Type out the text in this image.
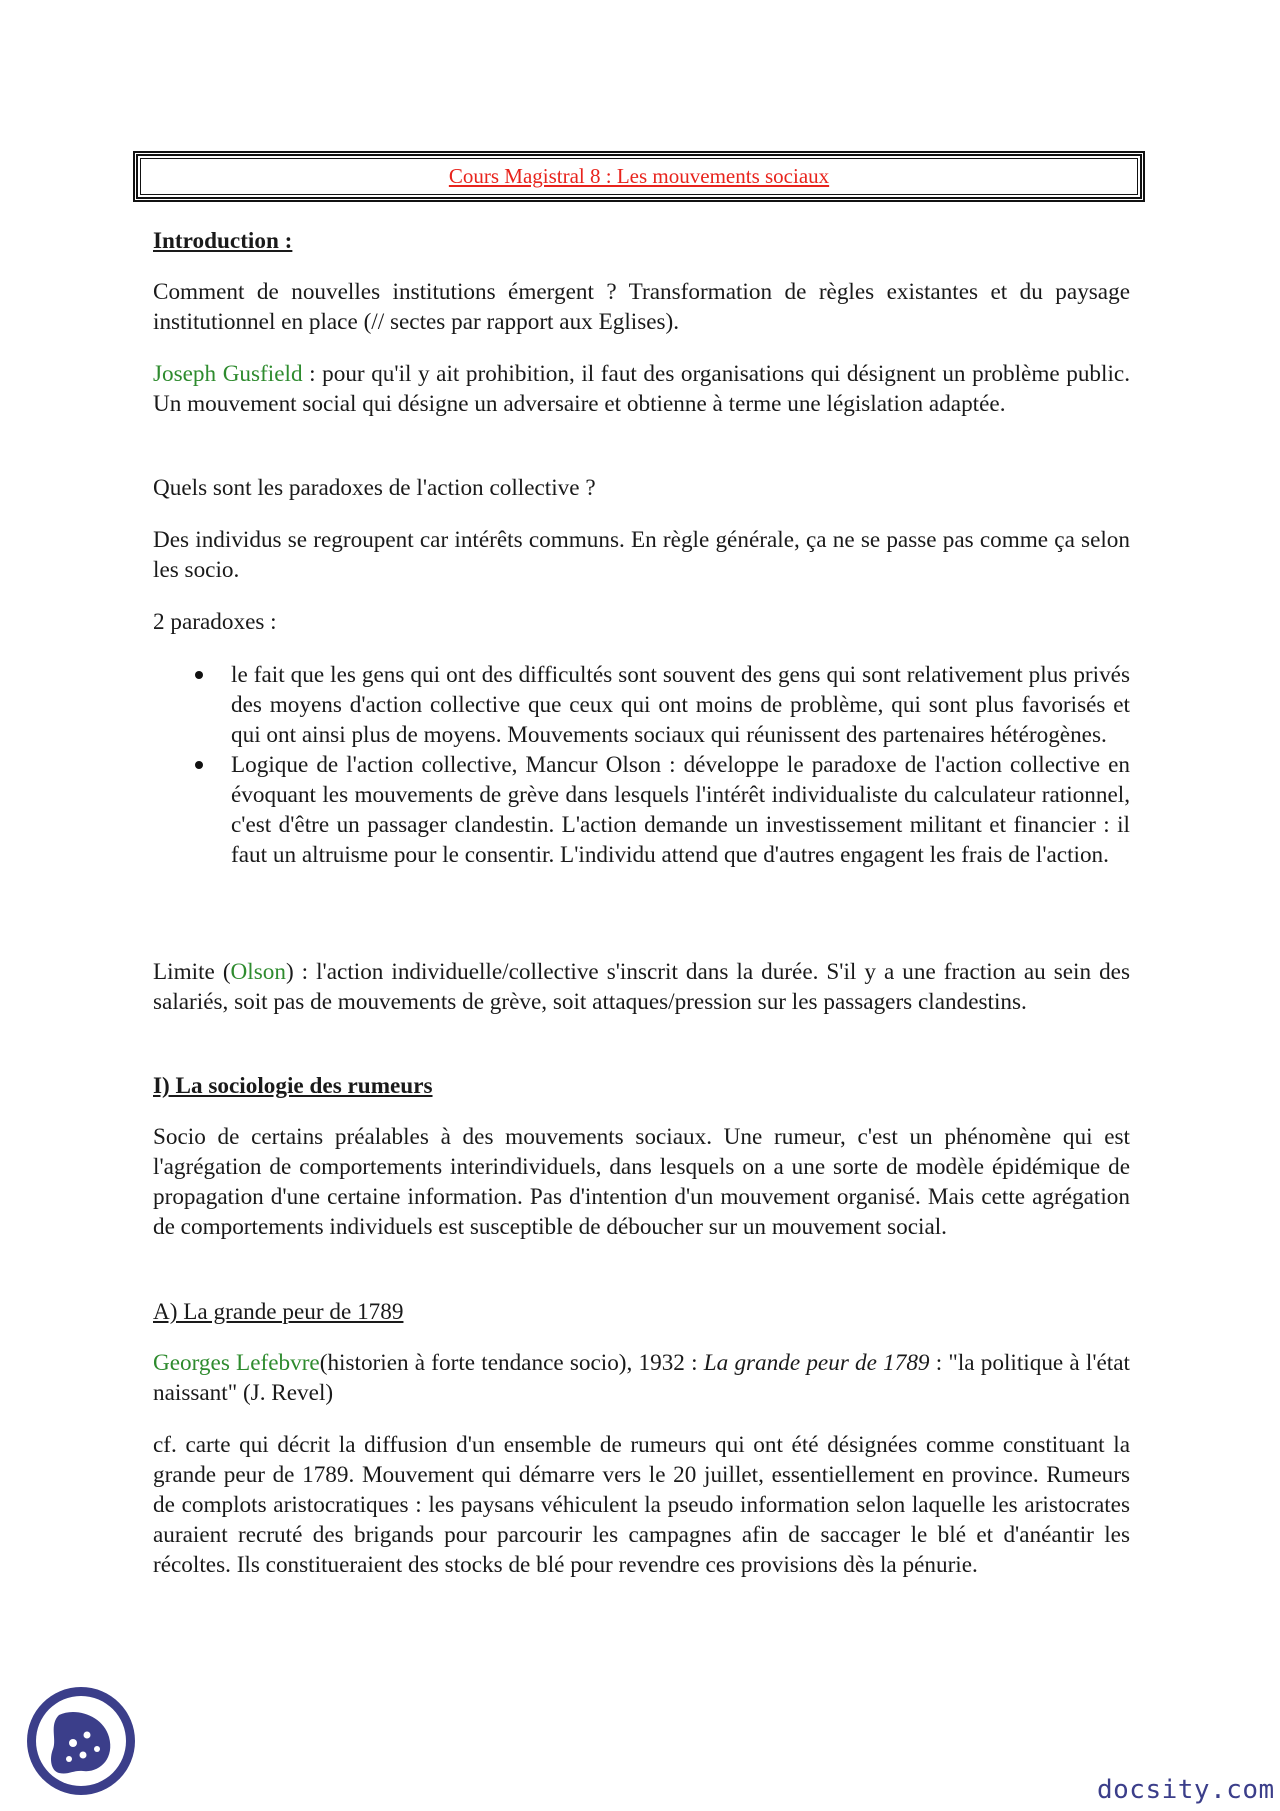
Cours Magistral 8 : Les mouvements sociaux
Introduction :
Comment de nouvelles institutions émergent ? Transformation de règles existantes et du paysage institutionnel en place (// sectes par rapport aux Eglises).
Joseph Gusfield : pour qu'il y ait prohibition, il faut des organisations qui désignent un problème public. Un mouvement social qui désigne un adversaire et obtienne à terme une législation adaptée.
Quels sont les paradoxes de l'action collective ?
Des individus se regroupent car intérêts communs. En règle générale, ça ne se passe pas comme ça selon les socio.
2 paradoxes :
le fait que les gens qui ont des difficultés sont souvent des gens qui sont relativement plus privés des moyens d'action collective que ceux qui ont moins de problème, qui sont plus favorisés et qui ont ainsi plus de moyens. Mouvements sociaux qui réunissent des partenaires hétérogènes.
Logique de l'action collective, Mancur Olson : développe le paradoxe de l'action collective en évoquant les mouvements de grève dans lesquels l'intérêt individualiste du calculateur rationnel, c'est d'être un passager clandestin. L'action demande un investissement militant et financier : il faut un altruisme pour le consentir. L'individu attend que d'autres engagent les frais de l'action.
Limite (Olson) : l'action individuelle/collective s'inscrit dans la durée. S'il y a une fraction au sein des salariés, soit pas de mouvements de grève, soit attaques/pression sur les passagers clandestins.
I) La sociologie des rumeurs
Socio de certains préalables à des mouvements sociaux. Une rumeur, c'est un phénomène qui est l'agrégation de comportements interindividuels, dans lesquels on a une sorte de modèle épidémique de propagation d'une certaine information. Pas d'intention d'un mouvement organisé. Mais cette agrégation de comportements individuels est susceptible de déboucher sur un mouvement social.
A) La grande peur de 1789
Georges Lefebvre(historien à forte tendance socio), 1932 : La grande peur de 1789 : "la politique à l'état naissant" (J. Revel)
cf. carte qui décrit la diffusion d'un ensemble de rumeurs qui ont été désignées comme constituant la grande peur de 1789. Mouvement qui démarre vers le 20 juillet, essentiellement en province. Rumeurs de complots aristocratiques : les paysans véhiculent la pseudo information selon laquelle les aristocrates auraient recruté des brigands pour parcourir les campagnes afin de saccager le blé et d'anéantir les récoltes. Ils constitueraient des stocks de blé pour revendre ces provisions dès la pénurie.
docsity.com
